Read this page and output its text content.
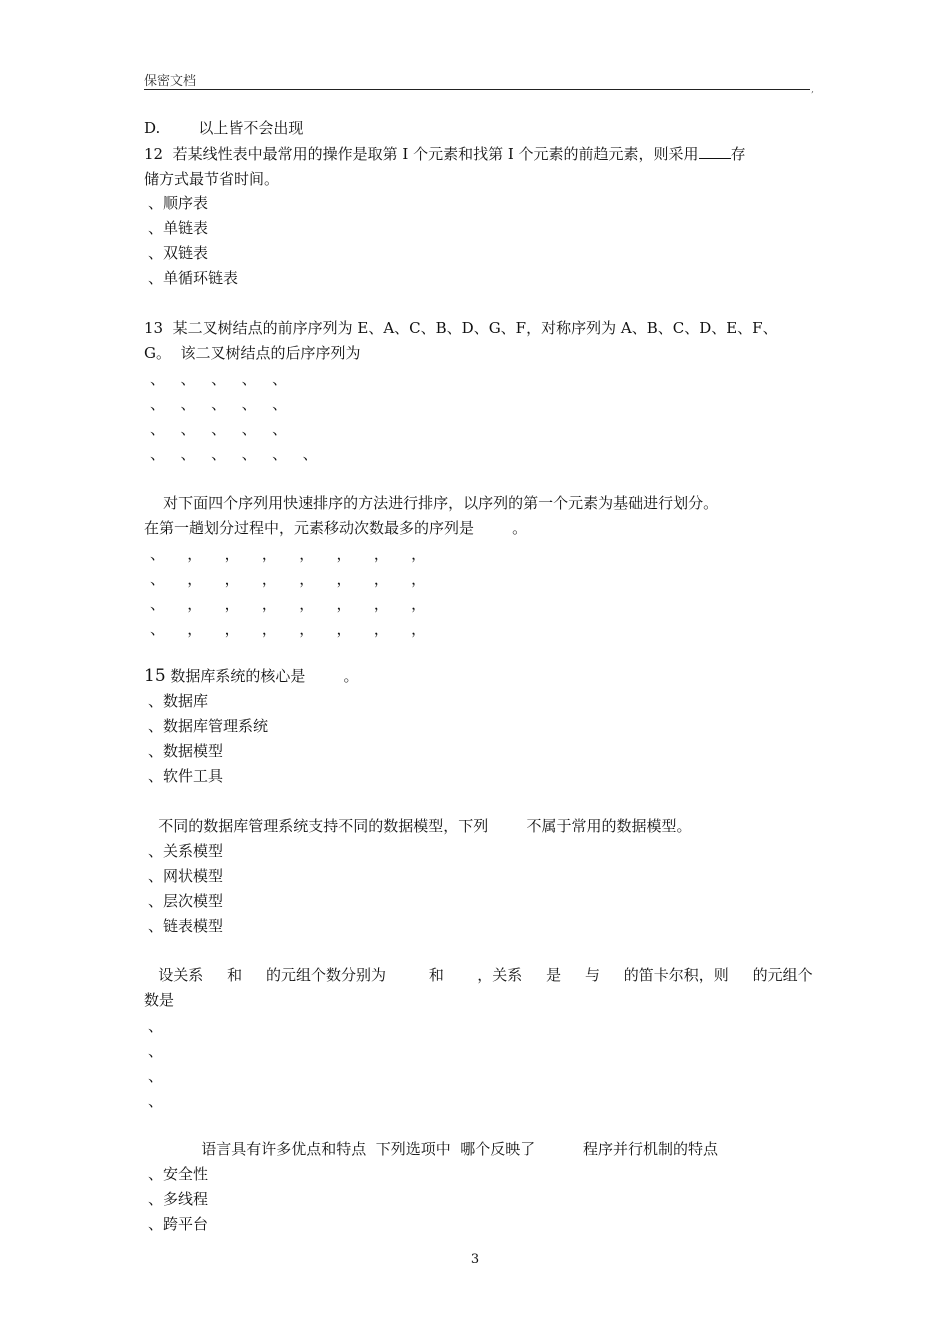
保密文档
,
D.        以上皆不会出现
12  若某线性表中最常用的操作是取第 I 个元素和找第 I 个元素的前趋元素，则采用 存
储方式最节省时间。
、顺序表
、单链表
、双链表
、单循环链表
13  某二叉树结点的前序序列为 E、A、C、B、D、G、F，对称序列为 A、B、C、D、E、F、
G。  该二叉树结点的后序序列为
、  、  、  、  、
、  、  、  、  、
、  、  、  、  、
、  、  、  、  、  、
对下面四个序列用快速排序的方法进行排序，以序列的第一个元素为基础进行划分。
在第一趟划分过程中，元素移动次数最多的序列是        。
、   ，   ，   ，   ，   ，   ，   ，
、   ，   ，   ，   ，   ，   ，   ，
、   ，   ，   ，   ，   ，   ，   ，
、   ，   ，   ，   ，   ，   ，   ，
15 数据库系统的核心是        。
、数据库
、数据库管理系统
、数据模型
、软件工具
不同的数据库管理系统支持不同的数据模型，下列        不属于常用的数据模型。
、关系模型
、网状模型
、层次模型
、链表模型
设关系     和     的元组个数分别为         和       ，关系     是     与     的笛卡尔积，则     的元组个
数是
、
、
、
、
语言具有许多优点和特点  下列选项中  哪个反映了          程序并行机制的特点
、安全性
、多线程
、跨平台
3
